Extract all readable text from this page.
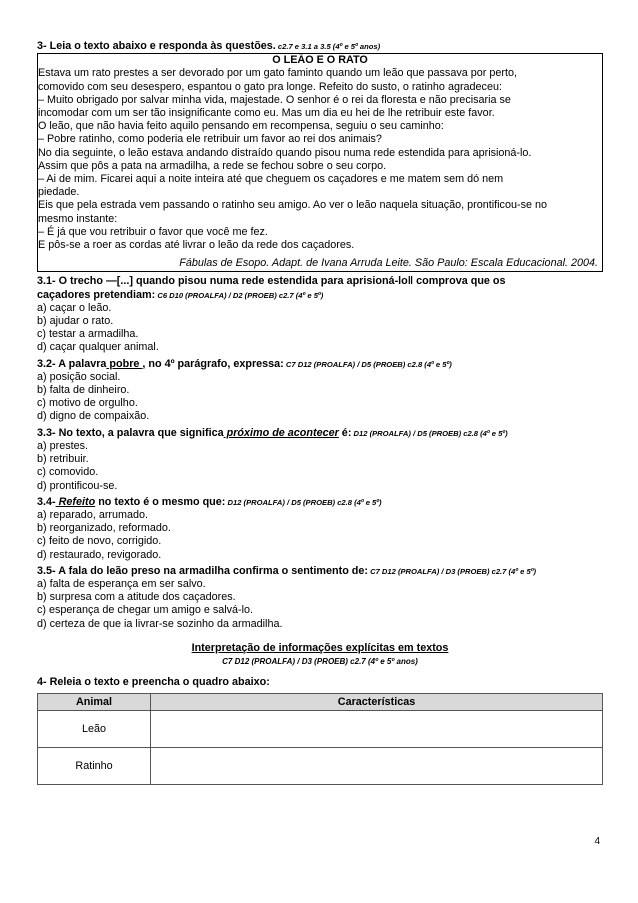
3- Leia o texto abaixo e responda às questões. c2.7 e 3.1 a 3.5 (4º e 5º anos)
O LEÃO E O RATO

Estava um rato prestes a ser devorado por um gato faminto quando um leão que passava por perto,

comovido com seu desespero, espantou o gato pra longe. Refeito do susto, o ratinho agradeceu:

– Muito obrigado por salvar minha vida, majestade. O senhor é o rei da floresta e não precisaria se

incomodar com um ser tão insignificante como eu. Mas um dia eu hei de lhe retribuir este favor.

O leão, que não havia feito aquilo pensando em recompensa, seguiu o seu caminho:

– Pobre ratinho, como poderia ele retribuir um favor ao rei dos animais?

No dia seguinte, o leão estava andando distraído quando pisou numa rede estendida para aprisioná-lo.

Assim que pôs a pata na armadilha, a rede se fechou sobre o seu corpo.

– Ai de mim. Ficarei aqui a noite inteira até que cheguem os caçadores e me matem sem dó nem

piedade.

Eis que pela estrada vem passando o ratinho seu amigo. Ao ver o leão naquela situação, prontificou-se no

mesmo instante:

– É já que vou retribuir o favor que você me fez.

E pôs-se a roer as cordas até livrar o leão da rede dos caçadores.

Fábulas de Esopo. Adapt. de Ivana Arruda Leite. São Paulo: Escala Educacional. 2004.

3.1- O trecho ―[...] quando pisou numa rede estendida para aprisioná-lo‖ comprova que os
caçadores pretendiam: C6 D10 (PROALFA) / D2 (PROEB) c2.7 (4º e 5º)

a) caçar o leão.

b) ajudar o rato.

c) testar a armadilha.

d) caçar qualquer animal.

3.2- A palavra pobre , no 4º parágrafo, expressa: C7 D12 (PROALFA) / D5 (PROEB) c2.8 (4º e 5º)

a) posição social.

b) falta de dinheiro.

c) motivo de orgulho.

d) digno de compaixão.

3.3- No texto, a palavra que significa próximo de acontecer é: D12 (PROALFA) / D5 (PROEB) c2.8 (4º e 5º)

a) prestes.

b) retribuir.

c) comovido.

d) prontificou-se.

3.4- Refeito no texto é o mesmo que: D12 (PROALFA) / D5 (PROEB) c2.8 (4º e 5º)

a) reparado, arrumado.

b) reorganizado, reformado.

c) feito de novo, corrigido.

d) restaurado, revigorado.

3.5- A fala do leão preso na armadilha confirma o sentimento de: C7 D12 (PROALFA) / D3 (PROEB) c2.7 (4º e 5º)

a) falta de esperança em ser salvo.

b) surpresa com a atitude dos caçadores.

c) esperança de chegar um amigo e salvá-lo.

d) certeza de que ia livrar-se sozinho da armadilha.

Interpretação de informações explícitas em textos
C7 D12 (PROALFA) / D3 (PROEB) c2.7 (4º e 5º anos)
4- Releia o texto e preencha o quadro abaixo:
Animal	Características
Leão	
Ratinho	
4
